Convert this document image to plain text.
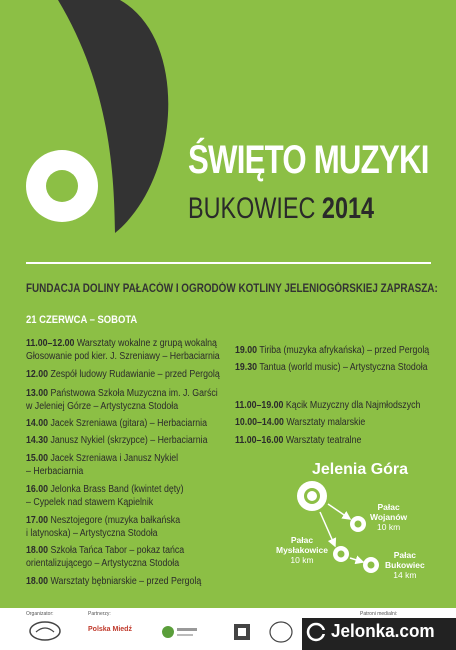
ŚWIĘTO MUZYKI
BUKOWIEC 2014
FUNDACJA DOLINY PAŁACÓW I OGRODÓW KOTLINY JELENIOGÓRSKIEJ ZAPRASZA:
21 CZERWCA – SOBOTA
11.00–12.00 Warsztaty wokalne z grupą wokalną
Głosowanie pod kier. J. Szreniawy – Herbaciarnia
12.00 Zespół ludowy Rudawianie – przed Pergolą
13.00 Państwowa Szkoła Muzyczna im. J. Garści
w Jeleniej Górze – Artystyczna Stodoła
14.00 Jacek Szreniawa (gitara) – Herbaciarnia
14.30 Janusz Nykiel (skrzypce) – Herbaciarnia
15.00 Jacek Szreniawa i Janusz Nykiel
– Herbaciarnia
16.00 Jelonka Brass Band (kwintet dęty)
– Cypelek nad stawem Kąpielnik
17.00 Nesztojegore (muzyka bałkańska
i latynoska) – Artystyczna Stodoła
18.00 Szkoła Tańca Tabor – pokaz tańca
orientalizującego – Artystyczna Stodoła
18.00 Warsztaty bębniarskie – przed Pergolą
19.00 Tiriba (muzyka afrykańska) – przed Pergolą
19.30 Tantua (world music) – Artystyczna Stodoła
11.00–19.00 Kącik Muzyczny dla Najmłodszych
10.00–14.00 Warsztaty malarskie
11.00–16.00 Warsztaty teatralne
Jelenia Góra
Pałac
Wojanów
10 km
Pałac
Mysłakowice
10 km	Pałac
Bukowiec
14 km
Organizator:	Partnerzy:	Patroni medialni:
Polska Miedź	Jelonka.com
